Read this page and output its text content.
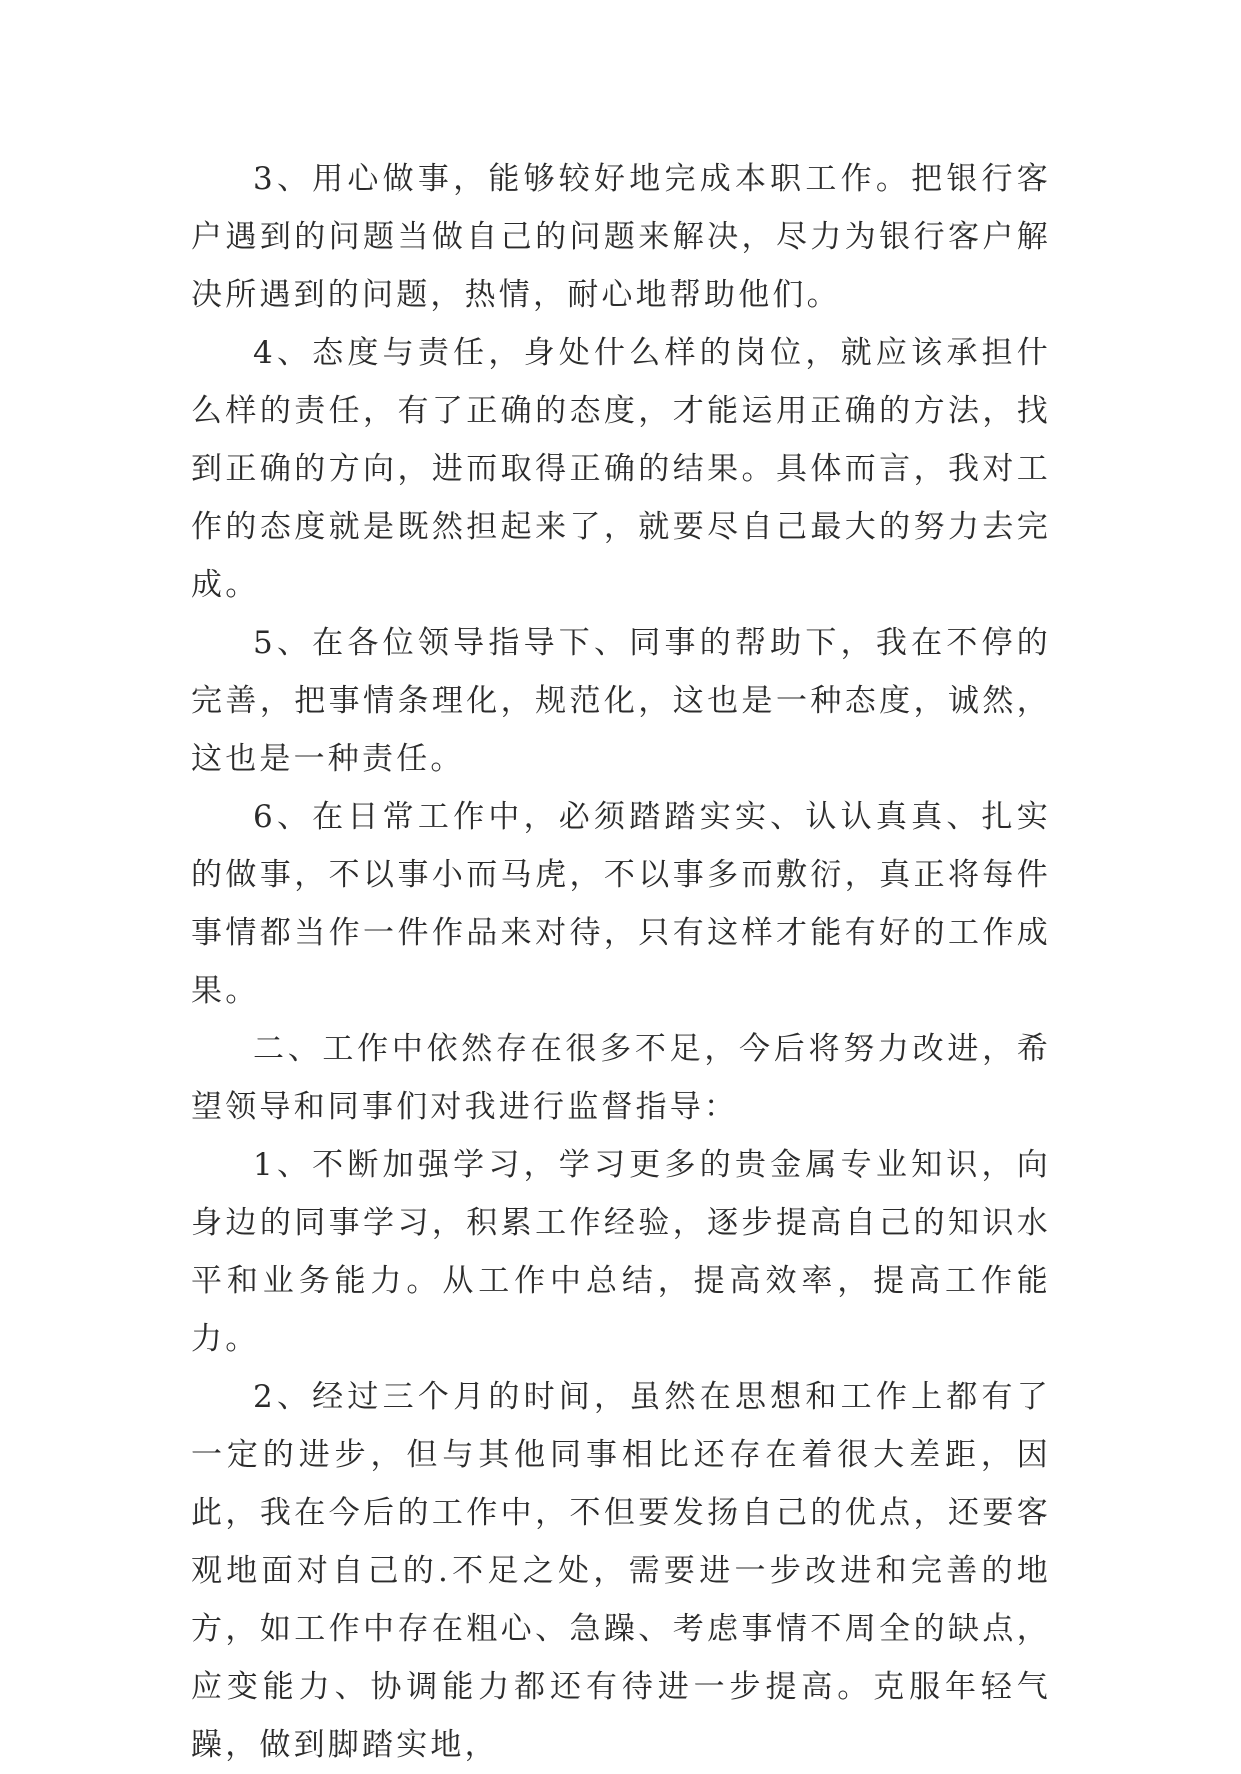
3、用心做事，能够较好地完成本职工作。把银行客户遇到的问题当做自己的问题来解决，尽力为银行客户解决所遇到的问题，热情，耐心地帮助他们。

4、态度与责任，身处什么样的岗位，就应该承担什么样的责任，有了正确的态度，才能运用正确的方法，找到正确的方向，进而取得正确的结果。具体而言，我对工作的态度就是既然担起来了，就要尽自己最大的努力去完成。

5、在各位领导指导下、同事的帮助下，我在不停的完善，把事情条理化，规范化，这也是一种态度，诚然，这也是一种责任。

6、在日常工作中，必须踏踏实实、认认真真、扎实的做事，不以事小而马虎，不以事多而敷衍，真正将每件事情都当作一件作品来对待，只有这样才能有好的工作成果。

二、工作中依然存在很多不足，今后将努力改进，希望领导和同事们对我进行监督指导：

1、不断加强学习，学习更多的贵金属专业知识，向身边的同事学习，积累工作经验，逐步提高自己的知识水平和业务能力。从工作中总结，提高效率，提高工作能力。

2、经过三个月的时间，虽然在思想和工作上都有了一定的进步，但与其他同事相比还存在着很大差距，因此，我在今后的工作中，不但要发扬自己的优点，还要客观地面对自己的.不足之处，需要进一步改进和完善的地方，如工作中存在粗心、急躁、考虑事情不周全的缺点，应变能力、协调能力都还有待进一步提高。克服年轻气躁，做到脚踏实地，
